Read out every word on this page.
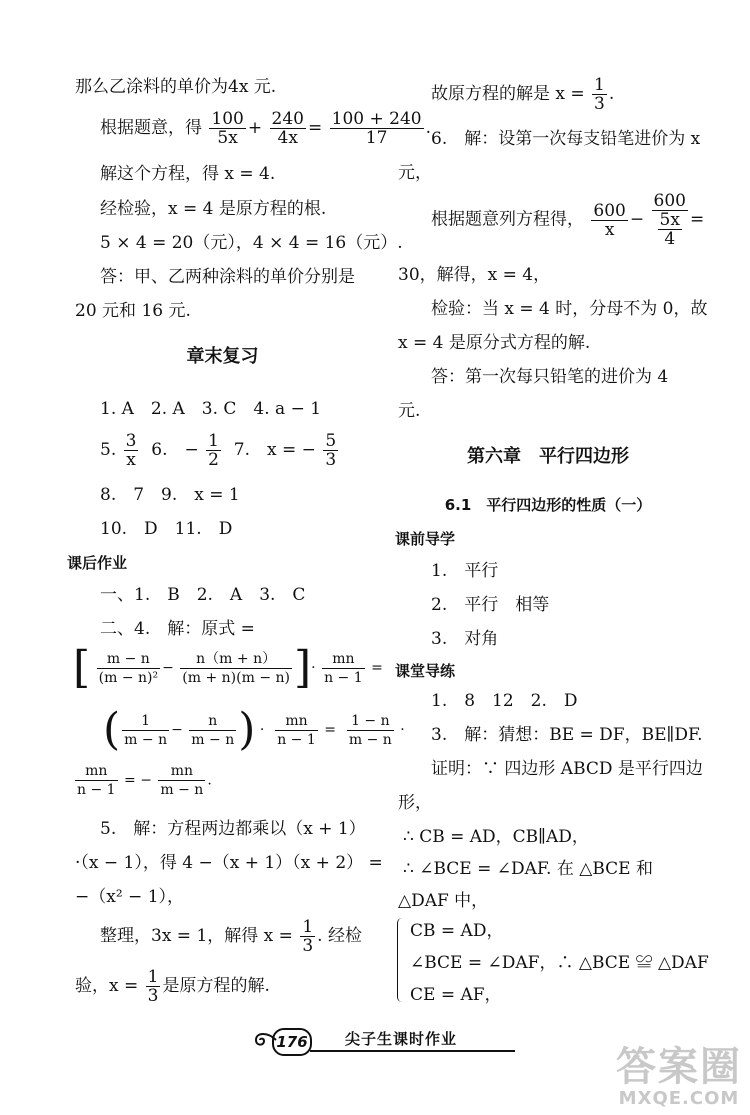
那么乙涂料的单价为4x 元.
根据题意，得 $\frac{100}{5x} + \frac{240}{4x} = \frac{100 + 240}{17}$ .
解这个方程，得 x = 4.
经检验，x = 4 是原方程的根.
5 × 4 = 20（元），4 × 4 = 16（元）.
答：甲、乙两种涂料的单价分别是
20 元和 16 元.
章末复习
1. A　2. A　3. C　4. a − 1
5. $\frac{3}{x} 6$.　− $\frac{1}{2} 7$.　x = − $\frac{5}{3}$
8.　7　9.　x = 1
10.　D　11.　D
课后作业
一、1.　B　2.　A　3.　C
二、4.　解：原式 =
[ $\frac{m - n}{\text{(m − n)²}} - \frac{n(m + n)}{(m + n)(m - n)}$ ]· $\frac{mn}{n - 1}$ =
( $\frac{1}{m - n} - \frac{n}{m - n}$ ) · $\frac{mn}{n - 1} = \frac{1 - n}{m - n}$ ·
$\frac{mn}{n - 1}$ = − $\frac{mn}{m - n}$ .
5.　解：方程两边都乘以（x + 1）
·（x − 1），得 4 −（x + 1）（x + 2） =
−（x² − 1），
整理，3x = 1，解得 $x = \frac{1}{3}$ . 经检
验，$x = \frac{1}{3}$ 是原方程的解.
故原方程的解是 $x = \frac{1}{3}$ .
6.　解：设第一次每支铅笔进价为 x
元，
根据题意列方程得， $\frac{600}{x} - \frac{600}{\frac{5x}{4}}$ =
30，解得，x = 4，
检验：当 x = 4 时，分母不为 0，故
x = 4 是原分式方程的解.
答：第一次每只铅笔的进价为 4
元.
第六章　平行四边形
6.1　平行四边形的性质（一）
课前导学
1.　平行
2.　平行　相等
3.　对角
课堂导练
1.　8　12　2.　D
3.　解：猜想：BE = DF，BE∥DF.
证明：∵ 四边形 ABCD 是平行四边
形，
∴ CB = AD，CB∥AD，
∴ ∠BCE = ∠DAF. 在 △BCE 和
△DAF 中，
CB = AD，
∠BCE = ∠DAF，∴ △BCE ≌ △DAF
CE = AF，
176 尖子生课时作业
答案圈
MXQE.COM
